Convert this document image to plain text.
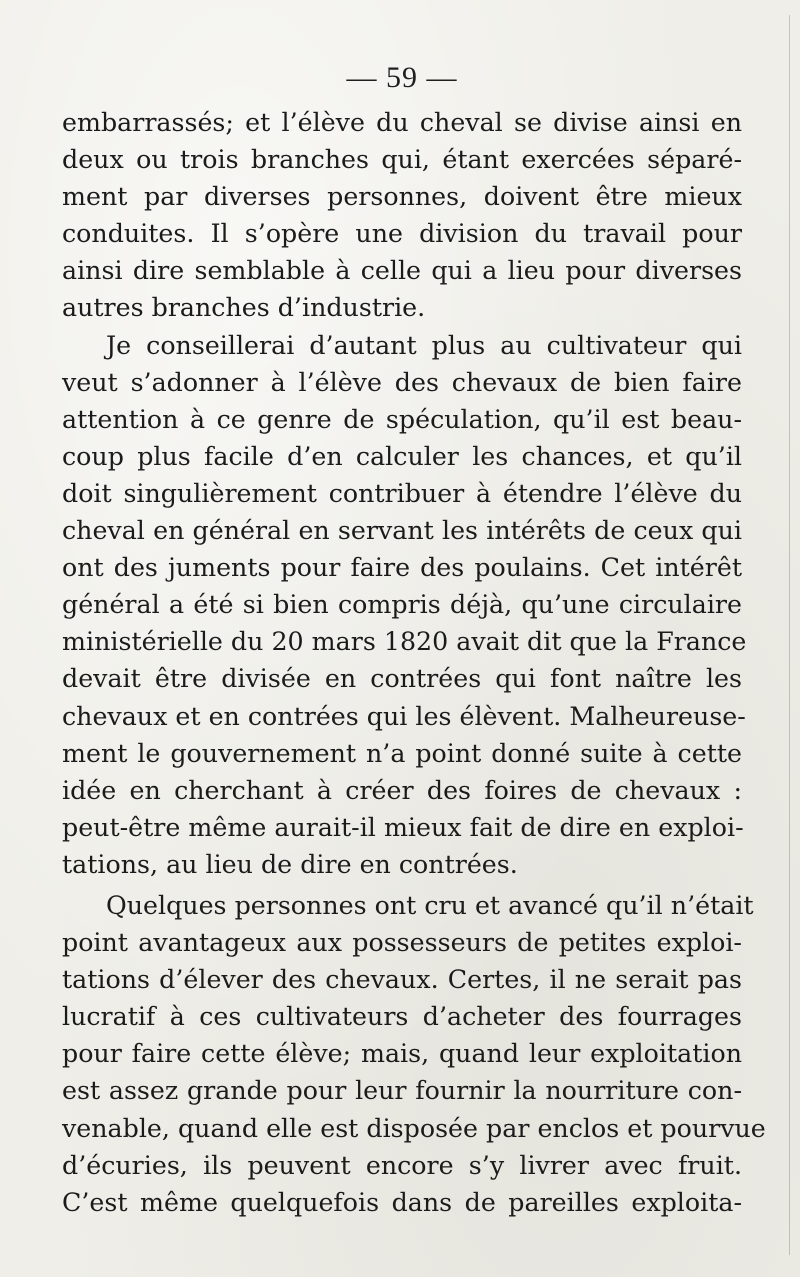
— 59 —
embarrassés; et l’élève du cheval se divise ainsi en
deux ou trois branches qui, étant exercées séparé-
ment par diverses personnes, doivent être mieux
conduites. Il s’opère une division du travail pour
ainsi dire semblable à celle qui a lieu pour diverses
autres branches d’industrie.
Je conseillerai d’autant plus au cultivateur qui
veut s’adonner à l’élève des chevaux de bien faire
attention à ce genre de spéculation, qu’il est beau-
coup plus facile d’en calculer les chances, et qu’il
doit singulièrement contribuer à étendre l’élève du
cheval en général en servant les intérêts de ceux qui
ont des juments pour faire des poulains. Cet intérêt
général a été si bien compris déjà, qu’une circulaire
ministérielle du 20 mars 1820 avait dit que la France
devait être divisée en contrées qui font naître les
chevaux et en contrées qui les élèvent. Malheureuse-
ment le gouvernement n’a point donné suite à cette
idée en cherchant à créer des foires de chevaux :
peut-être même aurait-il mieux fait de dire en exploi-
tations, au lieu de dire en contrées.
Quelques personnes ont cru et avancé qu’il n’était
point avantageux aux possesseurs de petites exploi-
tations d’élever des chevaux. Certes, il ne serait pas
lucratif à ces cultivateurs d’acheter des fourrages
pour faire cette élève; mais, quand leur exploitation
est assez grande pour leur fournir la nourriture con-
venable, quand elle est disposée par enclos et pourvue
d’écuries, ils peuvent encore s’y livrer avec fruit.
C’est même quelquefois dans de pareilles exploita-
